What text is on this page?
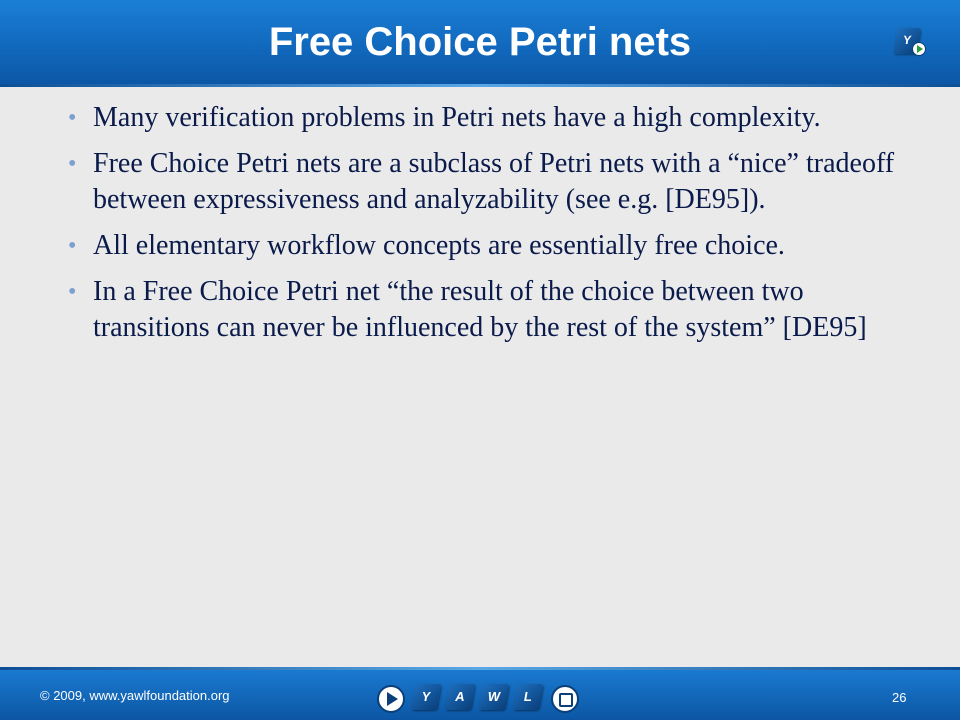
Free Choice Petri nets	Y
• Many verification problems in Petri nets have a high complexity.
• Free Choice Petri nets are a subclass of Petri nets with a “nice” tradeoff between expressiveness and analyzability (see e.g. [DE95]).
• All elementary workflow concepts are essentially free choice.
• In a Free Choice Petri net “the result of the choice between two transitions can never be influenced by the rest of the system” [DE95]
© 2009, www.yawlfoundation.org	26
Y	A	W	L
